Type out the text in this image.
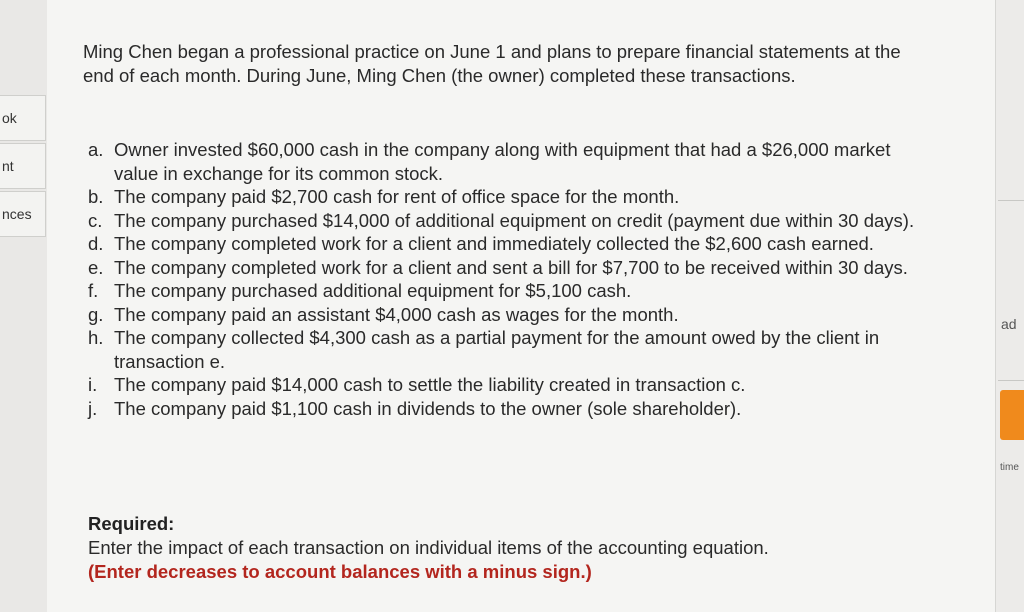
ok
nt
nces
ad
time
Ming Chen began a professional practice on June 1 and plans to prepare financial statements at the end of each month. During June, Ming Chen (the owner) completed these transactions.
a. Owner invested $60,000 cash in the company along with equipment that had a $26,000 market value in exchange for its common stock.
b. The company paid $2,700 cash for rent of office space for the month.
c. The company purchased $14,000 of additional equipment on credit (payment due within 30 days).
d. The company completed work for a client and immediately collected the $2,600 cash earned.
e. The company completed work for a client and sent a bill for $7,700 to be received within 30 days.
f. The company purchased additional equipment for $5,100 cash.
g. The company paid an assistant $4,000 cash as wages for the month.
h. The company collected $4,300 cash as a partial payment for the amount owed by the client in transaction e.
i. The company paid $14,000 cash to settle the liability created in transaction c.
j. The company paid $1,100 cash in dividends to the owner (sole shareholder).
Required:
Enter the impact of each transaction on individual items of the accounting equation.
(Enter decreases to account balances with a minus sign.)
